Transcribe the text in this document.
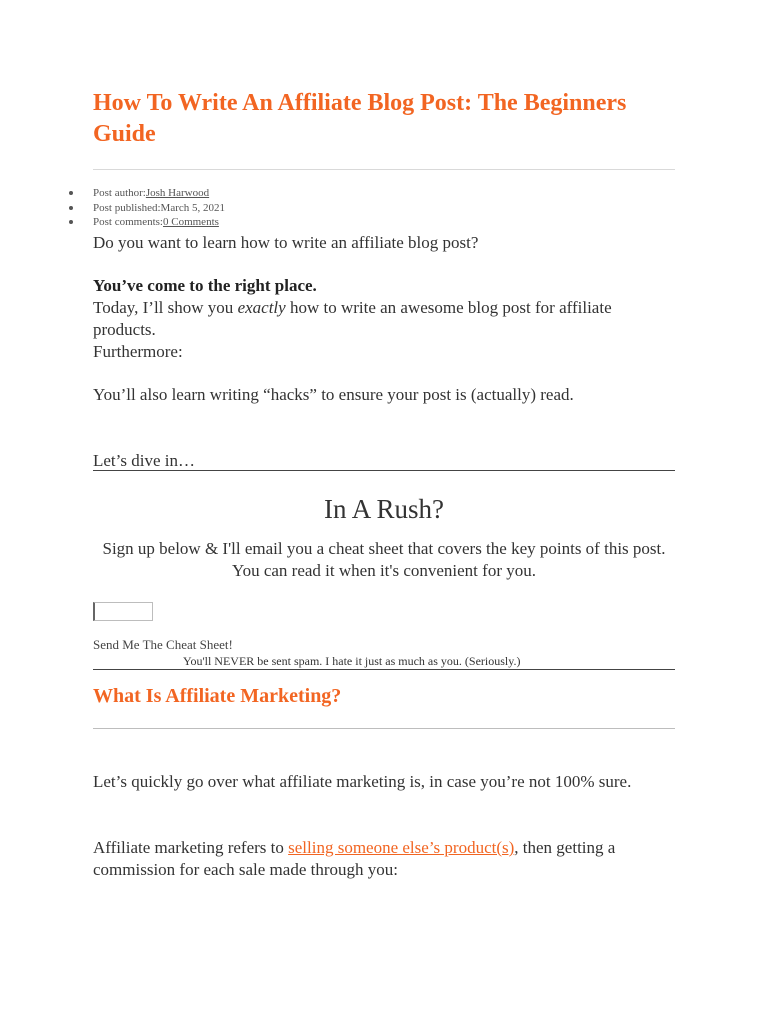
How To Write An Affiliate Blog Post: The Beginners Guide
Post author:Josh Harwood
Post published:March 5, 2021
Post comments:0 Comments

Do you want to learn how to write an affiliate blog post?

You’ve come to the right place.

Today, I’ll show you exactly how to write an awesome blog post for affiliate products.

Furthermore:

You’ll also learn writing “hacks” to ensure your post is (actually) read.

Let’s dive in…

In A Rush?

Sign up below & I'll email you a cheat sheet that covers the key points of this post. You can read it when it's convenient for you.

Send Me The Cheat Sheet!
You'll NEVER be sent spam. I hate it just as much as you. (Seriously.)
What Is Affiliate Marketing?

Let’s quickly go over what affiliate marketing is, in case you’re not 100% sure.

Affiliate marketing refers to selling someone else’s product(s), then getting a commission for each sale made through you:
